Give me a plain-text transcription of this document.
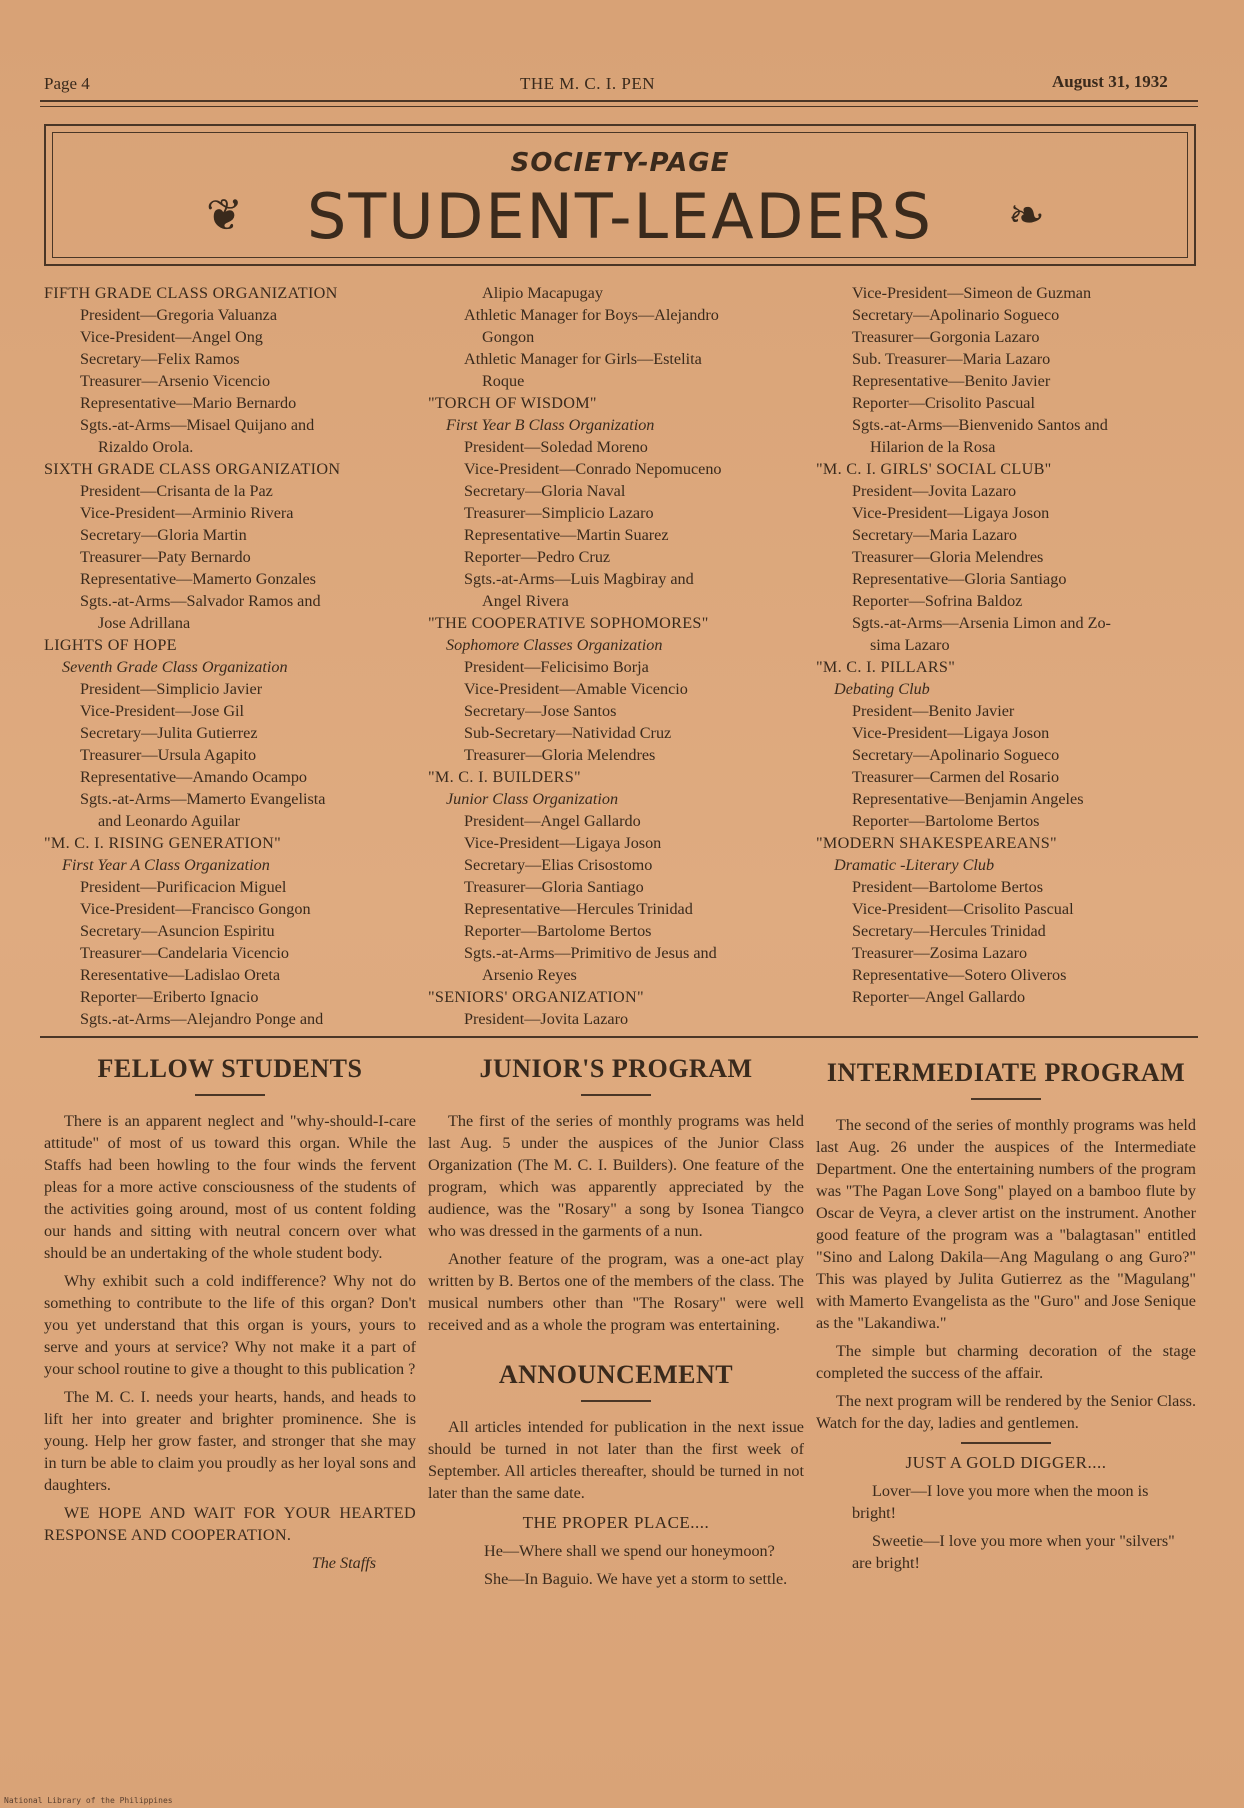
Page 4	THE M. C. I. PEN	August 31, 1932
SOCIETY-PAGE
❦	STUDENT-LEADERS	❧
FIFTH GRADE CLASS ORGANIZATION
President—Gregoria Valuanza
Vice-President—Angel Ong
Secretary—Felix Ramos
Treasurer—Arsenio Vicencio
Representative—Mario Bernardo
Sgts.-at-Arms—Misael Quijano and
Rizaldo Orola.
SIXTH GRADE CLASS ORGANIZATION
President—Crisanta de la Paz
Vice-President—Arminio Rivera
Secretary—Gloria Martin
Treasurer—Paty Bernardo
Representative—Mamerto Gonzales
Sgts.-at-Arms—Salvador Ramos and
Jose Adrillana
LIGHTS OF HOPE
Seventh Grade Class Organization
President—Simplicio Javier
Vice-President—Jose Gil
Secretary—Julita Gutierrez
Treasurer—Ursula Agapito
Representative—Amando Ocampo
Sgts.-at-Arms—Mamerto Evangelista
and Leonardo Aguilar
"M. C. I. RISING GENERATION"
First Year A Class Organization
President—Purificacion Miguel
Vice-President—Francisco Gongon
Secretary—Asuncion Espiritu
Treasurer—Candelaria Vicencio
Reresentative—Ladislao Oreta
Reporter—Eriberto Ignacio
Sgts.-at-Arms—Alejandro Ponge and
Alipio Macapugay
Athletic Manager for Boys—Alejandro
Gongon
Athletic Manager for Girls—Estelita
Roque
"TORCH OF WISDOM"
First Year B Class Organization
President—Soledad Moreno
Vice-President—Conrado Nepomuceno
Secretary—Gloria Naval
Treasurer—Simplicio Lazaro
Representative—Martin Suarez
Reporter—Pedro Cruz
Sgts.-at-Arms—Luis Magbiray and
Angel Rivera
"THE COOPERATIVE SOPHOMORES"
Sophomore Classes Organization
President—Felicisimo Borja
Vice-President—Amable Vicencio
Secretary—Jose Santos
Sub-Secretary—Natividad Cruz
Treasurer—Gloria Melendres
"M. C. I. BUILDERS"
Junior Class Organization
President—Angel Gallardo
Vice-President—Ligaya Joson
Secretary—Elias Crisostomo
Treasurer—Gloria Santiago
Representative—Hercules Trinidad
Reporter—Bartolome Bertos
Sgts.-at-Arms—Primitivo de Jesus and
Arsenio Reyes
"SENIORS' ORGANIZATION"
President—Jovita Lazaro
Vice-President—Simeon de Guzman
Secretary—Apolinario Sogueco
Treasurer—Gorgonia Lazaro
Sub. Treasurer—Maria Lazaro
Representative—Benito Javier
Reporter—Crisolito Pascual
Sgts.-at-Arms—Bienvenido Santos and
Hilarion de la Rosa
"M. C. I. GIRLS' SOCIAL CLUB"
President—Jovita Lazaro
Vice-President—Ligaya Joson
Secretary—Maria Lazaro
Treasurer—Gloria Melendres
Representative—Gloria Santiago
Reporter—Sofrina Baldoz
Sgts.-at-Arms—Arsenia Limon and Zo-
sima Lazaro
"M. C. I. PILLARS"
Debating Club
President—Benito Javier
Vice-President—Ligaya Joson
Secretary—Apolinario Sogueco
Treasurer—Carmen del Rosario
Representative—Benjamin Angeles
Reporter—Bartolome Bertos
"MODERN SHAKESPEAREANS"
Dramatic -Literary Club
President—Bartolome Bertos
Vice-President—Crisolito Pascual
Secretary—Hercules Trinidad
Treasurer—Zosima Lazaro
Representative—Sotero Oliveros
Reporter—Angel Gallardo
FELLOW STUDENTS

There is an apparent neglect and "why-should-I-care attitude" of most of us toward this organ. While the Staffs had been howling to the four winds the fervent pleas for a more active consciousness of the students of the activities going around, most of us content folding our hands and sitting with neutral concern over what should be an undertaking of the whole student body.

Why exhibit such a cold indifference? Why not do something to contribute to the life of this organ? Don't you yet understand that this organ is yours, yours to serve and yours at service? Why not make it a part of your school routine to give a thought to this publication ?

The M. C. I. needs your hearts, hands, and heads to lift her into greater and brighter prominence. She is young. Help her grow faster, and stronger that she may in turn be able to claim you proudly as her loyal sons and daughters.

WE HOPE AND WAIT FOR YOUR HEARTED RESPONSE AND COOPERATION.

The Staffs

JUNIOR'S PROGRAM

The first of the series of monthly programs was held last Aug. 5 under the auspices of the Junior Class Organization (The M. C. I. Builders). One feature of the program, which was apparently appreciated by the audience, was the "Rosary" a song by Isonea Tiangco who was dressed in the garments of a nun.

Another feature of the program, was a one-act play written by B. Bertos one of the members of the class. The musical numbers other than "The Rosary" were well received and as a whole the program was entertaining.

ANNOUNCEMENT

All articles intended for publication in the next issue should be turned in not later than the first week of September. All articles thereafter, should be turned in not later than the same date.

THE PROPER PLACE....

He—Where shall we spend our honeymoon?

She—In Baguio. We have yet a storm to settle.

INTERMEDIATE PROGRAM

The second of the series of monthly programs was held last Aug. 26 under the auspices of the Intermediate Department. One the entertaining numbers of the program was "The Pagan Love Song" played on a bamboo flute by Oscar de Veyra, a clever artist on the instrument. Another good feature of the program was a "balagtasan" entitled "Sino and Lalong Dakila—Ang Magulang o ang Guro?" This was played by Julita Gutierrez as the "Magulang" with Mamerto Evangelista as the "Guro" and Jose Senique as the "Lakandiwa."

The simple but charming decoration of the stage completed the success of the affair.

The next program will be rendered by the Senior Class. Watch for the day, ladies and gentlemen.

JUST A GOLD DIGGER....

Lover—I love you more when the moon is bright!

Sweetie—I love you more when your "silvers" are bright!

National Library of the Philippines
